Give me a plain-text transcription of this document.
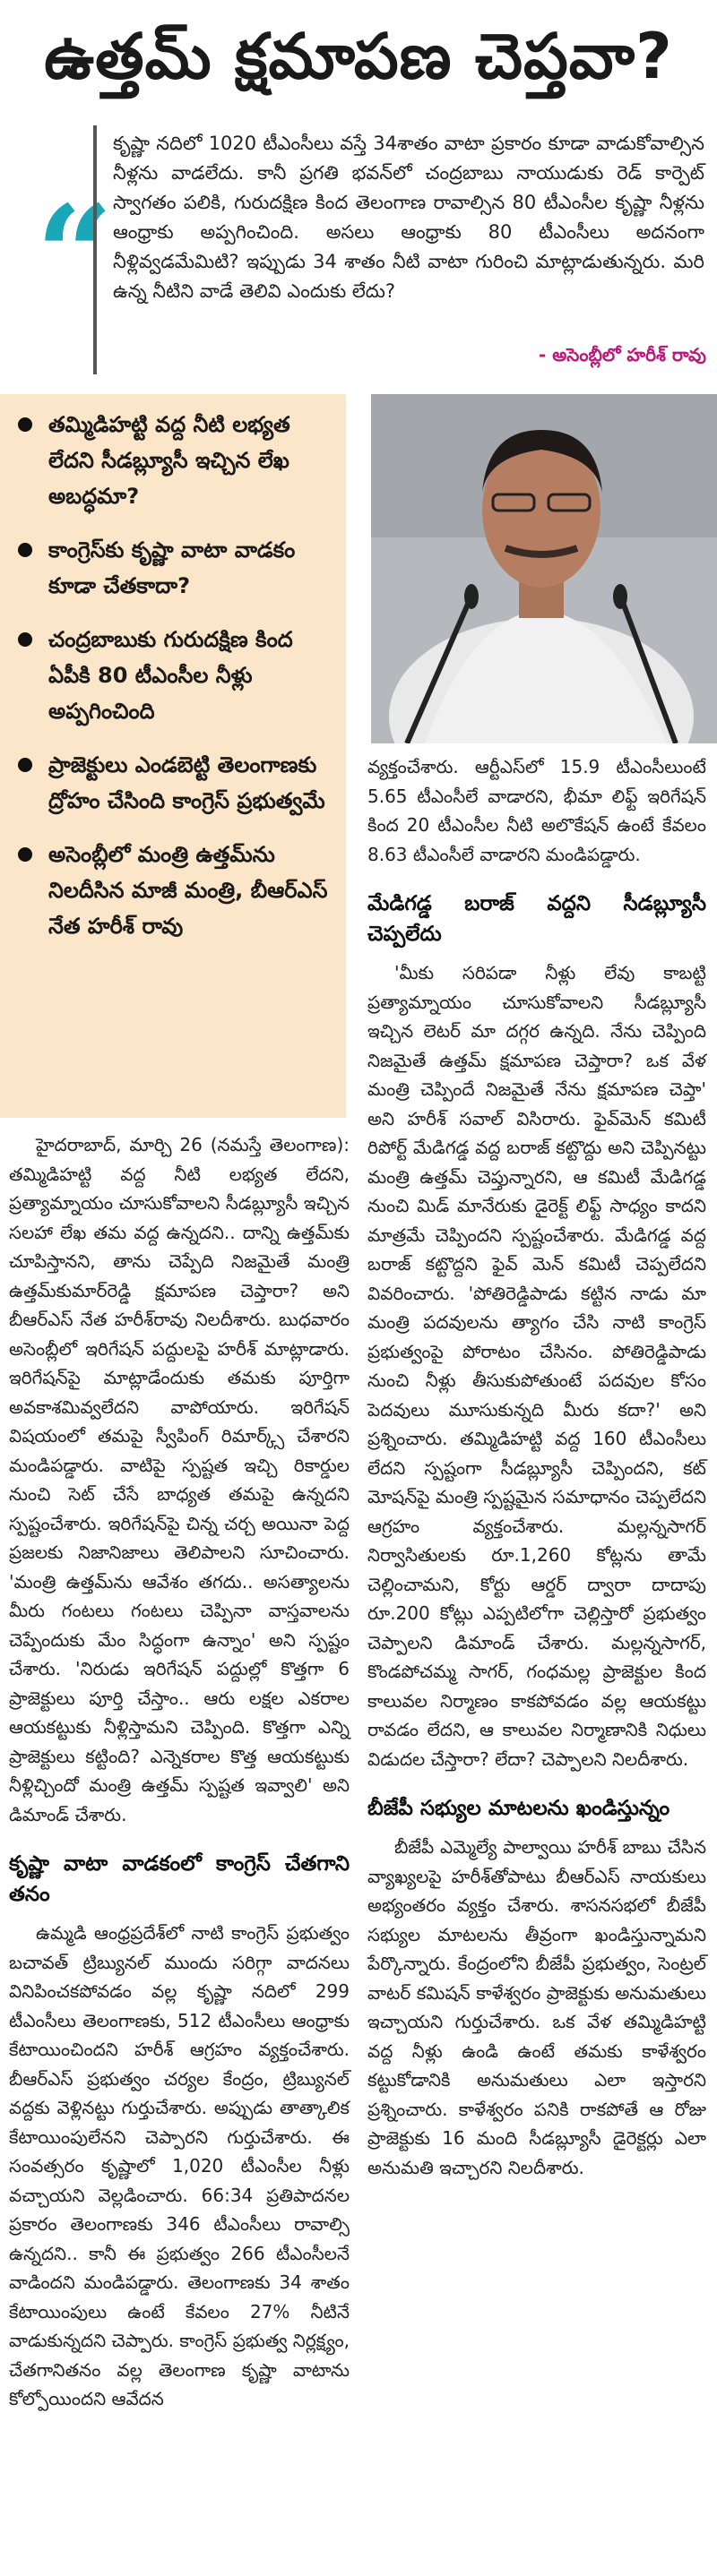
ఉత్తమ్ క్షమాపణ చెప్తవా?
“
కృష్ణా నదిలో 1020 టీఎంసీలు వస్తే 34శాతం వాటా ప్రకారం కూడా వాడుకోవాల్సిన నీళ్లను వాడలేదు. కానీ ప్రగతి భవన్‌లో చంద్రబాబు నాయుడుకు రెడ్ కార్పెట్ స్వాగతం పలికి, గురుదక్షిణ కింద తెలంగాణ రావాల్సిన 80 టీఎంసీల కృష్ణా నీళ్లను ఆంధ్రాకు అప్పగించింది. అసలు ఆంధ్రాకు 80 టీఎంసీలు అదనంగా నీళ్లివ్వడమేమిటి? ఇప్పుడు 34 శాతం నీటి వాటా గురించి మాట్లాడుతున్నరు. మరి ఉన్న నీటిని వాడే తెలివి ఎందుకు లేదు?
- అసెంబ్లీలో హరీశ్ రావు
తమ్మిడిహట్టి వద్ద నీటి లభ్యత లేదని సీడబ్ల్యూసీ ఇచ్చిన లేఖ అబద్ధమా?
కాంగ్రెస్‌కు కృష్ణా వాటా వాడకం కూడా చేతకాదా?
చంద్రబాబుకు గురుదక్షిణ కింద ఏపీకి 80 టీఎంసీల నీళ్లు అప్పగించింది
ప్రాజెక్టులు ఎండబెట్టి తెలంగాణకు ద్రోహం చేసింది కాంగ్రెస్ ప్రభుత్వమే
అసెంబ్లీలో మంత్రి ఉత్తమ్‌ను నిలదీసిన మాజీ మంత్రి, బీఆర్ఎస్ నేత హరీశ్ రావు

హైదరాబాద్, మార్చి 26 (నమస్తే తెలంగాణ): తమ్మిడిహట్టి వద్ద నీటి లభ్యత లేదని, ప్రత్యామ్నాయం చూసుకోవాలని సీడబ్ల్యూసీ ఇచ్చిన సలహా లేఖ తమ వద్ద ఉన్నదని.. దాన్ని ఉత్తమ్‌కు చూపిస్తానని, తాను చెప్పేది నిజమైతే మంత్రి ఉత్తమ్‌కుమార్‌రెడ్డి క్షమాపణ చెప్తారా? అని బీఆర్ఎస్ నేత హరీశ్‌రావు నిలదీశారు. బుధవారం అసెంబ్లీలో ఇరిగేషన్ పద్దులపై హరీశ్ మాట్లాడారు. ఇరిగేషన్‌పై మాట్లాడేందుకు తమకు పూర్తిగా అవకాశమివ్వలేదని వాపోయారు. ఇరిగేషన్ విషయంలో తమపై స్వీపింగ్ రిమార్క్స్ చేశారని మండిపడ్డారు. వాటిపై స్పష్టత ఇచ్చి రికార్డుల నుంచి సెట్ చేసే బాధ్యత తమపై ఉన్నదని స్పష్టంచేశారు. ఇరిగేషన్‌పై చిన్న చర్చ అయినా పెద్ద ప్రజలకు నిజానిజాలు తెలిపాలని సూచించారు. 'మంత్రి ఉత్తమ్‌ను ఆవేశం తగదు.. అసత్యాలను మీరు గంటలు గంటలు చెప్పినా వాస్తవాలను చెప్పేందుకు మేం సిద్ధంగా ఉన్నాం' అని స్పష్టం చేశారు. 'నిరుడు ఇరిగేషన్ పద్దుల్లో కొత్తగా 6 ప్రాజెక్టులు పూర్తి చేస్తాం.. ఆరు లక్షల ఎకరాల ఆయకట్టుకు నీళ్లిస్తామని చెప్పింది. కొత్తగా ఎన్ని ప్రాజెక్టులు కట్టింది? ఎన్నెకరాల కొత్త ఆయకట్టుకు నీళ్లిచ్చిందో మంత్రి ఉత్తమ్ స్పష్టత ఇవ్వాలి' అని డిమాండ్ చేశారు.

కృష్ణా వాటా వాడకంలో కాంగ్రెస్ చేతగాని తనం

ఉమ్మడి ఆంధ్రప్రదేశ్‌లో నాటి కాంగ్రెస్ ప్రభుత్వం బచావత్ ట్రిబ్యునల్ ముందు సరిగ్గా వాదనలు వినిపించకపోవడం వల్ల కృష్ణా నదిలో 299 టీఎంసీలు తెలంగాణకు, 512 టీఎంసీలు ఆంధ్రాకు కేటాయించిందని హరీశ్ ఆగ్రహం వ్యక్తంచేశారు. బీఆర్ఎస్ ప్రభుత్వం చర్యల కేంద్రం, ట్రిబ్యునల్ వద్దకు వెళ్లినట్టు గుర్తుచేశారు. అప్పుడు తాత్కాలిక కేటాయింపులేనని చెప్పారని గుర్తుచేశారు. ఈ సంవత్సరం కృష్ణాలో 1,020 టీఎంసీల నీళ్లు వచ్చాయని వెల్లడించారు. 66:34 ప్రతిపాదనల ప్రకారం తెలంగాణకు 346 టీఎంసీలు రావాల్సి ఉన్నదని.. కానీ ఈ ప్రభుత్వం 266 టీఎంసీలనే వాడిందని మండిపడ్డారు. తెలంగాణకు 34 శాతం కేటాయింపులు ఉంటే కేవలం 27% నీటినే వాడుకున్నదని చెప్పారు. కాంగ్రెస్ ప్రభుత్వ నిర్లక్ష్యం, చేతగానితనం వల్ల తెలంగాణ కృష్ణా వాటాను కోల్పోయిందని ఆవేదన

వ్యక్తంచేశారు. ఆర్టీఎస్‌లో 15.9 టీఎంసీలుంటే 5.65 టీఎంసీలే వాడారని, భీమా లిఫ్ట్ ఇరిగేషన్ కింద 20 టీఎంసీల నీటి అలొకేషన్ ఉంటే కేవలం 8.63 టీఎంసీలే వాడారని మండిపడ్డారు.

మేడిగడ్డ బరాజ్ వద్దని సీడబ్ల్యూసీ చెప్పలేదు

'మీకు సరిపడా నీళ్లు లేవు కాబట్టి ప్రత్యామ్నాయం చూసుకోవాలని సీడబ్ల్యూసీ ఇచ్చిన లెటర్ మా దగ్గర ఉన్నది. నేను చెప్పింది నిజమైతే ఉత్తమ్ క్షమాపణ చెప్తారా? ఒక వేళ మంత్రి చెప్పిందే నిజమైతే నేను క్షమాపణ చెప్తా' అని హరీశ్ సవాల్ విసిరారు. ఫైవ్‌మెన్ కమిటీ రిపోర్ట్ మేడిగడ్డ వద్ద బరాజ్ కట్టొద్దు అని చెప్పినట్టు మంత్రి ఉత్తమ్ చెప్తున్నారని, ఆ కమిటీ మేడిగడ్డ నుంచి మిడ్ మానేరుకు డైరెక్ట్ లిఫ్ట్ సాధ్యం కాదని మాత్రమే చెప్పిందని స్పష్టంచేశారు. మేడిగడ్డ వద్ద బరాజ్ కట్టొద్దని ఫైవ్ మెన్ కమిటీ చెప్పలేదని వివరించారు. 'పోతిరెడ్డిపాడు కట్టిన నాడు మా మంత్రి పదవులను త్యాగం చేసి నాటి కాంగ్రెస్ ప్రభుత్వంపై పోరాటం చేసినం. పోతిరెడ్డిపాడు నుంచి నీళ్లు తీసుకుపోతుంటే పదవుల కోసం పెదవులు మూసుకున్నది మీరు కదా?' అని ప్రశ్నించారు. తమ్మిడిహట్టి వద్ద 160 టీఎంసీలు లేదని స్పష్టంగా సీడబ్ల్యూసీ చెప్పిందని, కట్ మోషన్‌పై మంత్రి స్పష్టమైన సమాధానం చెప్పలేదని ఆగ్రహం వ్యక్తంచేశారు. మల్లన్నసాగర్ నిర్వాసితులకు రూ.1,260 కోట్లను తామే చెల్లించామని, కోర్టు ఆర్డర్ ద్వారా దాదాపు రూ.200 కోట్లు ఎప్పటిలోగా చెల్లిస్తారో ప్రభుత్వం చెప్పాలని డిమాండ్ చేశారు. మల్లన్నసాగర్, కొండపోచమ్మ సాగర్, గంధమల్ల ప్రాజెక్టుల కింద కాలువల నిర్మాణం కాకపోవడం వల్ల ఆయకట్టు రావడం లేదని, ఆ కాలువల నిర్మాణానికి నిధులు విడుదల చేస్తారా? లేదా? చెప్పాలని నిలదీశారు.

బీజేపీ సభ్యుల మాటలను ఖండిస్తున్నం

బీజేపీ ఎమ్మెల్యే పాల్వాయి హరీశ్ బాబు చేసిన వ్యాఖ్యలపై హరీశ్‌తోపాటు బీఆర్ఎస్ నాయకులు అభ్యంతరం వ్యక్తం చేశారు. శాసనసభలో బీజేపీ సభ్యుల మాటలను తీవ్రంగా ఖండిస్తున్నామని పేర్కొన్నారు. కేంద్రంలోని బీజేపీ ప్రభుత్వం, సెంట్రల్ వాటర్ కమిషన్ కాళేశ్వరం ప్రాజెక్టుకు అనుమతులు ఇచ్చాయని గుర్తుచేశారు. ఒక వేళ తమ్మిడిహట్టి వద్ద నీళ్లు ఉండి ఉంటే తమకు కాళేశ్వరం కట్టుకోడానికి అనుమతులు ఎలా ఇస్తారని ప్రశ్నించారు. కాళేశ్వరం పనికి రాకపోతే ఆ రోజు ప్రాజెక్టుకు 16 మంది సీడబ్ల్యూసీ డైరెక్టర్లు ఎలా అనుమతి ఇచ్చారని నిలదీశారు.
